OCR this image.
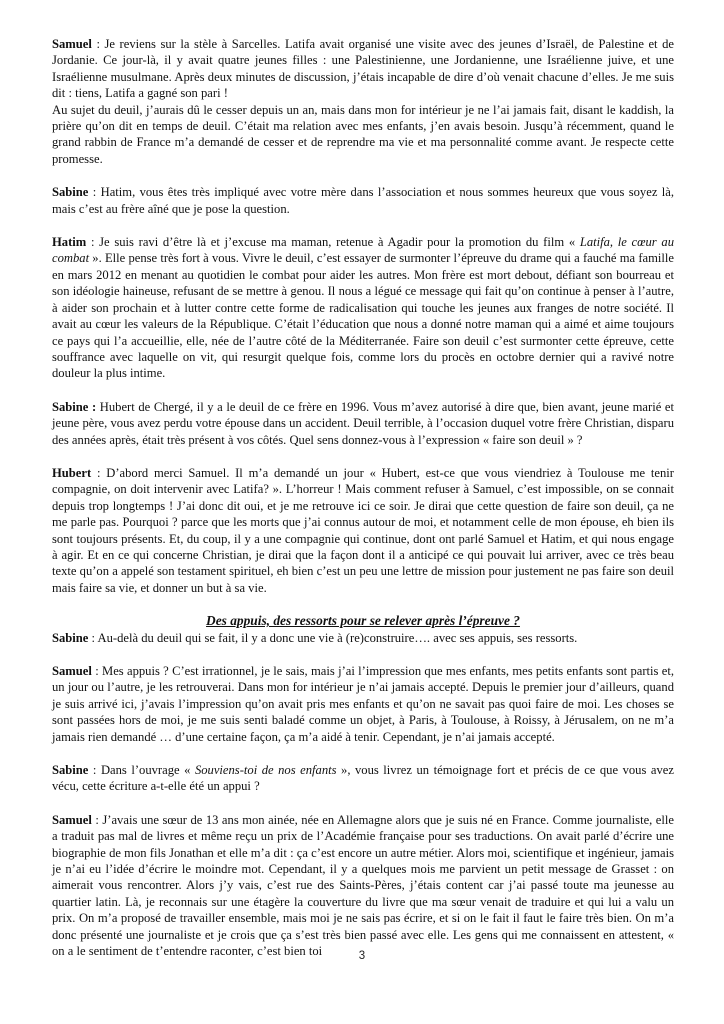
Samuel : Je reviens sur la stèle à Sarcelles. Latifa avait organisé une visite avec des jeunes d’Israël, de Palestine et de Jordanie. Ce jour-là, il y avait quatre jeunes filles : une Palestinienne, une Jordanienne, une Israélienne juive, et une Israélienne musulmane. Après deux minutes de discussion, j’étais incapable de dire d’où venait chacune d’elles. Je me suis dit : tiens, Latifa a gagné son pari !

Au sujet du deuil, j’aurais dû le cesser depuis un an, mais dans mon for intérieur je ne l’ai jamais fait, disant le kaddish, la prière qu’on dit en temps de deuil. C’était ma relation avec mes enfants, j’en avais besoin. Jusqu’à récemment, quand le grand rabbin de France m’a demandé de cesser et de reprendre ma vie et ma personnalité comme avant. Je respecte cette promesse.

Sabine : Hatim, vous êtes très impliqué avec votre mère dans l’association et nous sommes heureux que vous soyez là, mais c’est au frère aîné que je pose la question.

Hatim : Je suis ravi d’être là et j’excuse ma maman, retenue à Agadir pour la promotion du film « Latifa, le cœur au combat ». Elle pense très fort à vous. Vivre le deuil, c’est essayer de surmonter l’épreuve du drame qui a fauché ma famille en mars 2012 en menant au quotidien le combat pour aider les autres. Mon frère est mort debout, défiant son bourreau et son idéologie haineuse, refusant de se mettre à genou. Il nous a légué ce message qui fait qu’on continue à penser à l’autre, à aider son prochain et à lutter contre cette forme de radicalisation qui touche les jeunes aux franges de notre société. Il avait au cœur les valeurs de la République. C’était l’éducation que nous a donné notre maman qui a aimé et aime toujours ce pays qui l’a accueillie, elle, née de l’autre côté de la Méditerranée. Faire son deuil c’est surmonter cette épreuve, cette souffrance avec laquelle on vit, qui resurgit quelque fois, comme lors du procès en octobre dernier qui a ravivé notre douleur la plus intime.

Sabine : Hubert de Chergé, il y a le deuil de ce frère en 1996. Vous m’avez autorisé à dire que, bien avant, jeune marié et jeune père, vous avez perdu votre épouse dans un accident. Deuil terrible, à l’occasion duquel votre frère Christian, disparu des années après, était très présent à vos côtés. Quel sens donnez-vous à l’expression « faire son deuil » ?

Hubert : D’abord merci Samuel. Il m’a demandé un jour « Hubert, est-ce que vous viendriez à Toulouse me tenir compagnie, on doit intervenir avec Latifa? ». L’horreur ! Mais comment refuser à Samuel, c’est impossible, on se connait depuis trop longtemps ! J’ai donc dit oui, et je me retrouve ici ce soir. Je dirai que cette question de faire son deuil, ça ne me parle pas. Pourquoi ? parce que les morts que j’ai connus autour de moi, et notamment celle de mon épouse, eh bien ils sont toujours présents. Et, du coup, il y a une compagnie qui continue, dont ont parlé Samuel et Hatim, et qui nous engage à agir. Et en ce qui concerne Christian, je dirai que la façon dont il a anticipé ce qui pouvait lui arriver, avec ce très beau texte qu’on a appelé son testament spirituel, eh bien c’est un peu une lettre de mission pour justement ne pas faire son deuil mais faire sa vie, et donner un but à sa vie.

Des appuis, des ressorts pour se relever après l’épreuve ?

Sabine : Au-delà du deuil qui se fait, il y a donc une vie à (re)construire…. avec ses appuis, ses ressorts.

Samuel : Mes appuis ? C’est irrationnel, je le sais, mais j’ai l’impression que mes enfants, mes petits enfants sont partis et, un jour ou l’autre, je les retrouverai. Dans mon for intérieur je n’ai jamais accepté. Depuis le premier jour d’ailleurs, quand je suis arrivé ici, j’avais l’impression qu’on avait pris mes enfants et qu’on ne savait pas quoi faire de moi. Les choses se sont passées hors de moi, je me suis senti baladé comme un objet, à Paris, à Toulouse, à Roissy, à Jérusalem, on ne m’a jamais rien demandé … d’une certaine façon, ça m’a aidé à tenir. Cependant, je n’ai jamais accepté.

Sabine : Dans l’ouvrage « Souviens-toi de nos enfants », vous livrez un témoignage fort et précis de ce que vous avez vécu, cette écriture a-t-elle été un appui ?

Samuel : J’avais une sœur de 13 ans mon ainée, née en Allemagne alors que je suis né en France. Comme journaliste, elle a traduit pas mal de livres et même reçu un prix de l’Académie française pour ses traductions. On avait parlé d’écrire une biographie de mon fils Jonathan et elle m’a dit : ça c’est encore un autre métier. Alors moi, scientifique et ingénieur, jamais je n’ai eu l’idée d’écrire le moindre mot. Cependant, il y a quelques mois me parvient un petit message de Grasset : on aimerait vous rencontrer. Alors j’y vais, c’est rue des Saints-Pères, j’étais content car j’ai passé toute ma jeunesse au quartier latin. Là, je reconnais sur une étagère la couverture du livre que ma sœur venait de traduire et qui lui a valu un prix. On m’a proposé de travailler ensemble, mais moi je ne sais pas écrire, et si on le fait il faut le faire très bien. On m’a donc présenté une journaliste et je crois que ça s’est très bien passé avec elle. Les gens qui me connaissent en attestent, « on a le sentiment de t’entendre raconter, c’est bien toi	3
